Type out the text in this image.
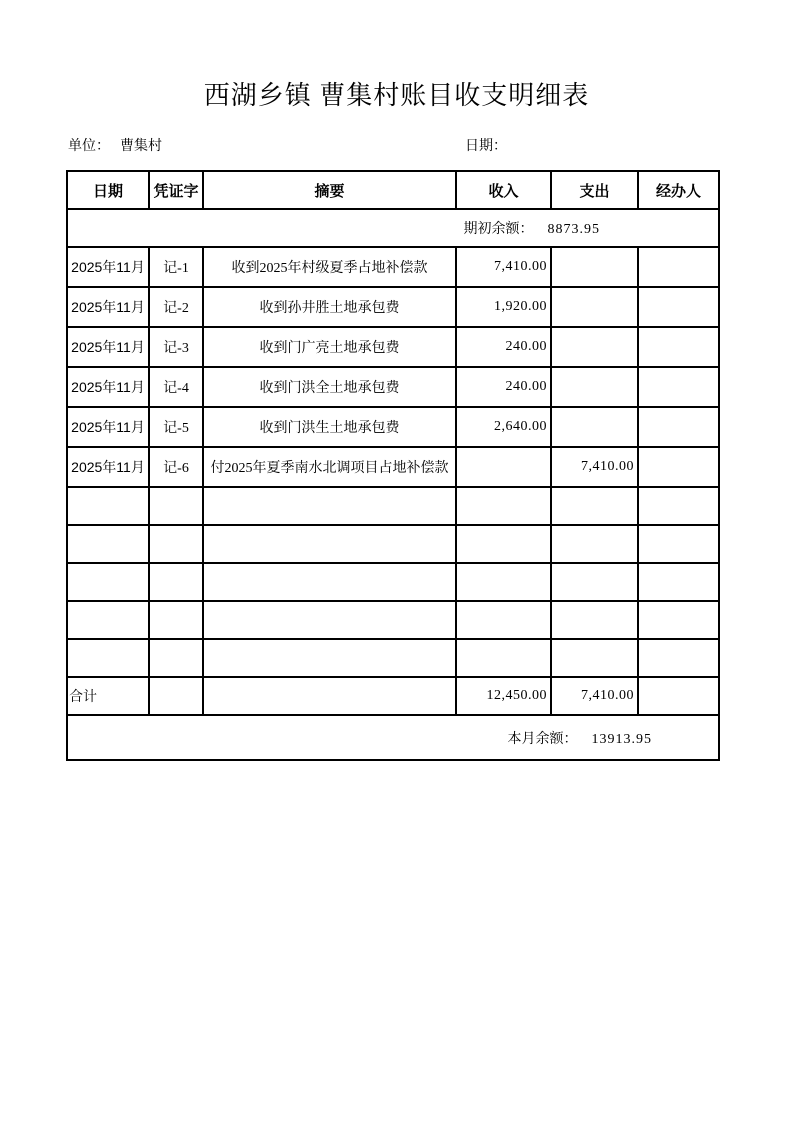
西湖乡镇 曹集村账目收支明细表
单位： 曹集村	日期：
日期	凭证字	摘要	收入	支出	经办人
期初余额： 8873.95					
2025年11月	记-1	收到2025年村级夏季占地补偿款	7,410.00		
2025年11月	记-2	收到孙井胜土地承包费	1,920.00		
2025年11月	记-3	收到门广亮土地承包费	240.00		
2025年11月	记-4	收到门洪全土地承包费	240.00		
2025年11月	记-5	收到门洪生土地承包费	2,640.00		
2025年11月	记-6	付2025年夏季南水北调项目占地补偿款		7,410.00	

合计			12,450.00	7,410.00	
本月余额： 13913.95					
